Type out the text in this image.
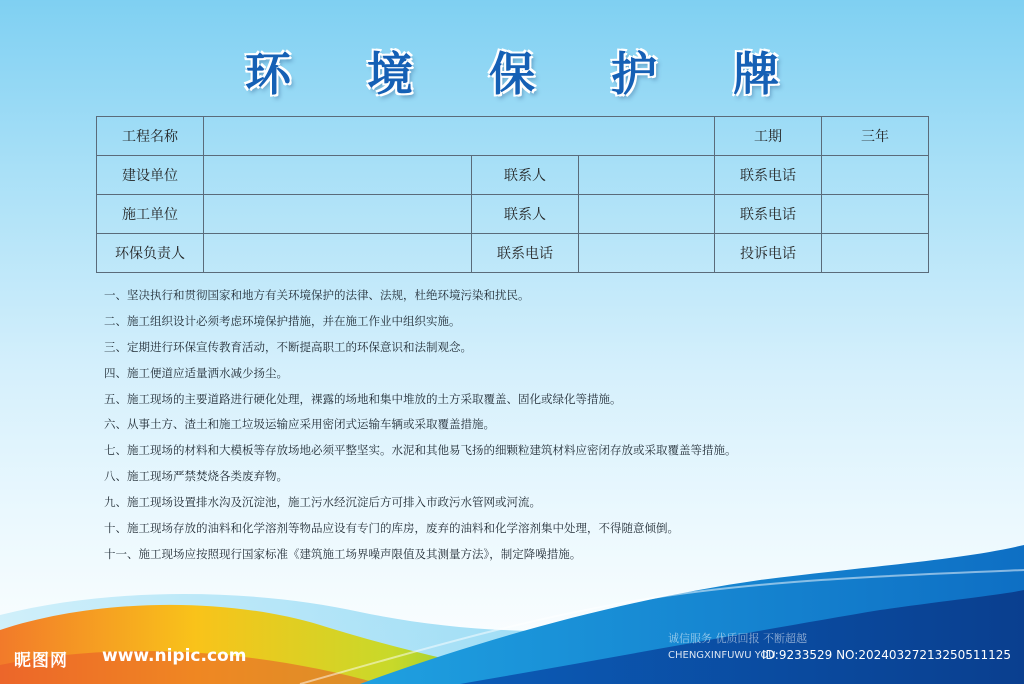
环 境 保 护 牌
工程名称				工期	三年
建设单位		联系人		联系电话	
施工单位		联系人		联系电话	
环保负责人		联系电话		投诉电话	
一、坚决执行和贯彻国家和地方有关环境保护的法律、法规，杜绝环境污染和扰民。
二、施工组织设计必须考虑环境保护措施，并在施工作业中组织实施。
三、定期进行环保宣传教育活动，不断提高职工的环保意识和法制观念。
四、施工便道应适量洒水减少扬尘。
五、施工现场的主要道路进行硬化处理，裸露的场地和集中堆放的土方采取覆盖、固化或绿化等措施。
六、从事土方、渣土和施工垃圾运输应采用密闭式运输车辆或采取覆盖措施。
七、施工现场的材料和大模板等存放场地必须平整坚实。水泥和其他易飞扬的细颗粒建筑材料应密闭存放或采取覆盖等措施。
八、施工现场严禁焚烧各类废弃物。
九、施工现场设置排水沟及沉淀池，施工污水经沉淀后方可排入市政污水管网或河流。
十、施工现场存放的油料和化学溶剂等物品应设有专门的库房，废弃的油料和化学溶剂集中处理，不得随意倾倒。
十一、施工现场应按照现行国家标准《建筑施工场界噪声限值及其测量方法》，制定降噪措施。
昵图网 www.nipic.com
诚信服务 优质回报 不断超越
CHENGXINFUWU YOU
ID:9233529 NO:20240327213250511125
